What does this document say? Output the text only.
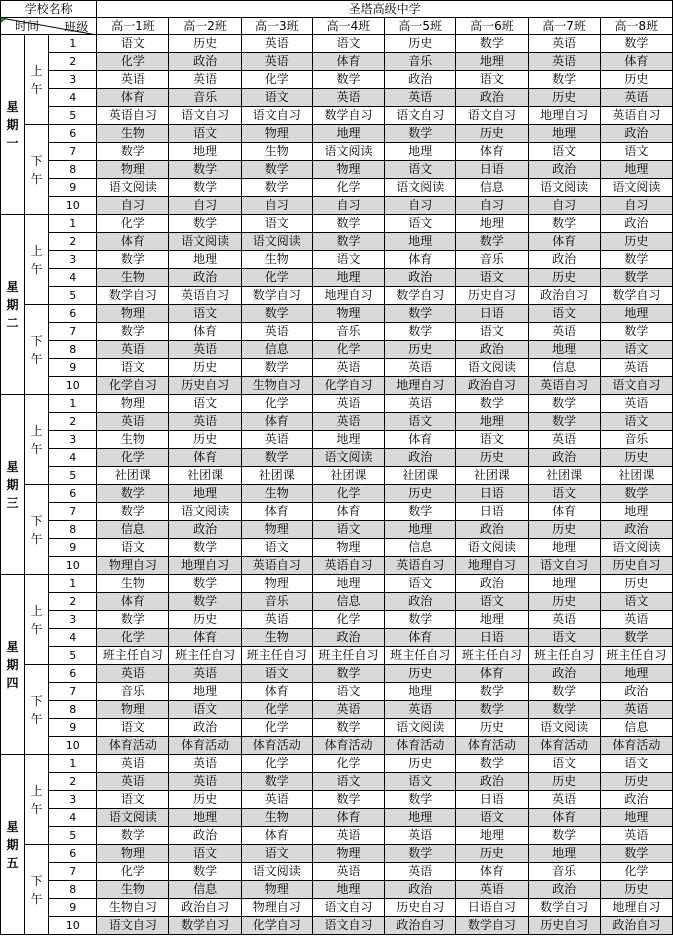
学校名称			圣塔高级中学							

时间 班级			高一1班	高一2班	高一3班	高一4班	高一5班	高一6班	高一7班	高一8班
星
期
一	上
午	1	语文	历史	英语	语文	历史	数学	英语	数学
		2	化学	政治	英语	体育	音乐	地理	英语	体育
		3	英语	英语	化学	数学	政治	语文	数学	历史
		4	体育	音乐	语文	英语	英语	政治	历史	英语
		5	英语自习	语文自习	语文自习	数学自习	语文自习	语文自习	地理自习	英语自习
	下
午	6	生物	语文	物理	地理	数学	历史	地理	政治
		7	数学	地理	生物	语文阅读	地理	体育	语文	语文
		8	物理	数学	数学	物理	语文	日语	政治	地理
		9	语文阅读	数学	数学	化学	语文阅读	信息	语文阅读	语文阅读
		10	自习	自习	自习	自习	自习	自习	自习	自习
星
期
二	上
午	1	化学	数学	语文	数学	语文	地理	数学	政治
		2	体育	语文阅读	语文阅读	数学	地理	数学	体育	历史
		3	数学	地理	生物	语文	体育	音乐	政治	数学
		4	生物	政治	化学	地理	政治	语文	历史	数学
		5	数学自习	英语自习	数学自习	地理自习	数学自习	历史自习	政治自习	数学自习
	下
午	6	物理	语文	数学	物理	数学	日语	语文	地理
		7	数学	体育	英语	音乐	数学	语文	英语	数学
		8	英语	英语	信息	化学	历史	政治	地理	语文
		9	语文	历史	数学	英语	英语	语文阅读	信息	英语
		10	化学自习	历史自习	生物自习	化学自习	地理自习	政治自习	英语自习	语文自习
星
期
三	上
午	1	物理	语文	化学	英语	英语	数学	数学	英语
		2	英语	英语	体育	英语	语文	地理	数学	语文
		3	生物	历史	英语	地理	体育	语文	英语	音乐
		4	化学	体育	数学	语文阅读	政治	历史	政治	历史
		5	社团课	社团课	社团课	社团课	社团课	社团课	社团课	社团课
	下
午	6	数学	地理	生物	化学	历史	日语	语文	数学
		7	数学	语文阅读	体育	体育	数学	日语	体育	地理
		8	信息	政治	物理	语文	地理	政治	历史	政治
		9	语文	数学	语文	物理	信息	语文阅读	地理	语文阅读
		10	物理自习	地理自习	英语自习	英语自习	英语自习	地理自习	语文自习	历史自习
星
期
四	上
午	1	生物	数学	物理	地理	语文	政治	地理	历史
		2	体育	数学	音乐	信息	政治	语文	历史	语文
		3	数学	历史	英语	化学	数学	地理	英语	英语
		4	化学	体育	生物	政治	体育	日语	语文	数学
		5	班主任自习	班主任自习	班主任自习	班主任自习	班主任自习	班主任自习	班主任自习	班主任自习
	下
午	6	英语	英语	语文	数学	历史	体育	政治	地理
		7	音乐	地理	体育	语文	地理	数学	数学	政治
		8	物理	语文	化学	英语	英语	数学	数学	英语
		9	语文	政治	化学	数学	语文阅读	历史	语文阅读	信息
		10	体育活动	体育活动	体育活动	体育活动	体育活动	体育活动	体育活动	体育活动
星
期
五	上
午	1	英语	英语	化学	化学	历史	数学	语文	语文
		2	英语	英语	数学	语文	语文	政治	历史	历史
		3	语文	历史	英语	数学	数学	日语	英语	政治
		4	语文阅读	地理	生物	体育	地理	语文	体育	地理
		5	数学	政治	体育	英语	英语	地理	数学	英语
	下
午	6	物理	语文	语文	物理	数学	历史	地理	数学
		7	化学	数学	语文阅读	英语	英语	体育	音乐	化学
		8	生物	信息	物理	地理	政治	英语	政治	历史
		9	生物自习	政治自习	物理自习	语文自习	历史自习	日语自习	数学自习	地理自习
		10	语文自习	数学自习	化学自习	语文自习	政治自习	数学自习	历史自习	政治自习
